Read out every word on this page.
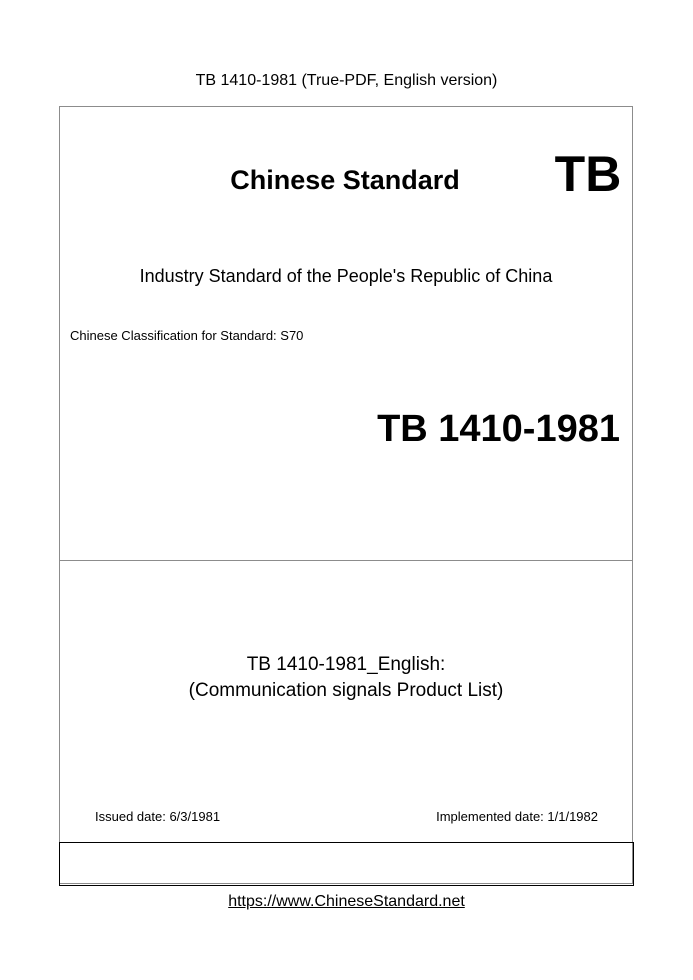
TB 1410-1981 (True-PDF, English version)
Chinese Standard	TB
Industry Standard of the People's Republic of China
Chinese Classification for Standard: S70
TB 1410-1981
TB 1410-1981_English:
(Communication signals Product List)
Issued date: 6/3/1981	Implemented date: 1/1/1982
https://www.ChineseStandard.net
